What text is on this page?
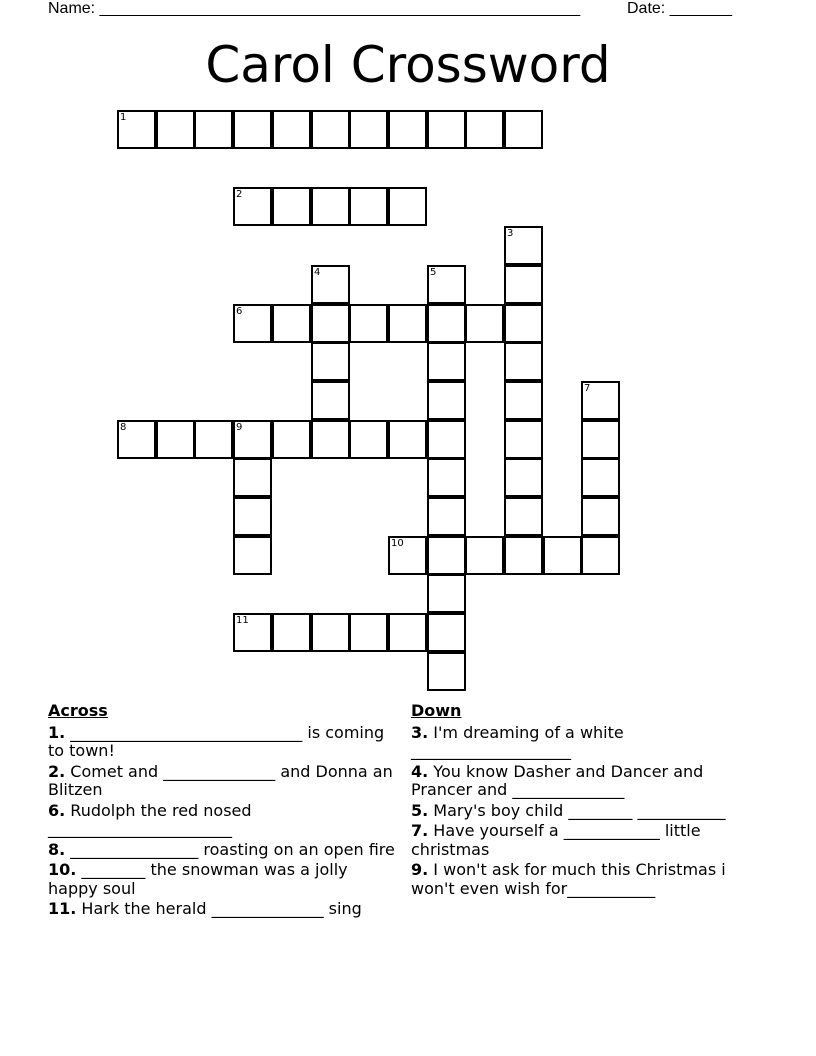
Name: ______________________________________________________	Date: _______
Carol Crossword
1
2
3
4	5
6
7
8	9
10
11
Across
1. _____________________________ is coming to town!
2. Comet and ______________ and Donna an Blitzen
6. Rudolph the red nosed _______________________
8. ________________ roasting on an open fire
10. ________ the snowman was a jolly happy soul
11. Hark the herald ______________ sing
Down
3. I'm dreaming of a white ____________________
4. You know Dasher and Dancer and Prancer and ______________
5. Mary's boy child ________ ___________
7. Have yourself a ____________ little christmas
9. I won't ask for much this Christmas i won't even wish for___________
